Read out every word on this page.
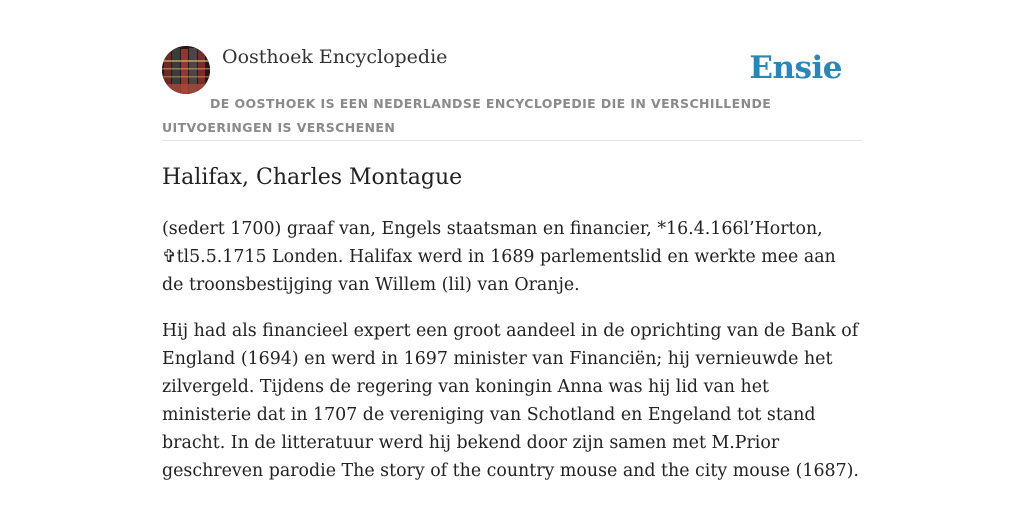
Oosthoek Encyclopedie	Ensie
DE OOSTHOEK IS EEN NEDERLANDSE ENCYCLOPEDIE DIE IN VERSCHILLENDE UITVOERINGEN IS VERSCHENEN
Halifax, Charles Montague

(sedert 1700) graaf van, Engels staatsman en financier, *16.4.166l’Horton, ✞tl5.5.1715 Londen. Halifax werd in 1689 parlementslid en werkte mee aan de troonsbestijging van Willem (lil) van Oranje.

Hij had als financieel expert een groot aandeel in de oprichting van de Bank of England (1694) en werd in 1697 minister van Financiën; hij vernieuwde het zilvergeld. Tijdens de regering van koningin Anna was hij lid van het ministerie dat in 1707 de vereniging van Schotland en Engeland tot stand bracht. In de litteratuur werd hij bekend door zijn samen met M.Prior geschreven parodie The story of the country mouse and the city mouse (1687).
